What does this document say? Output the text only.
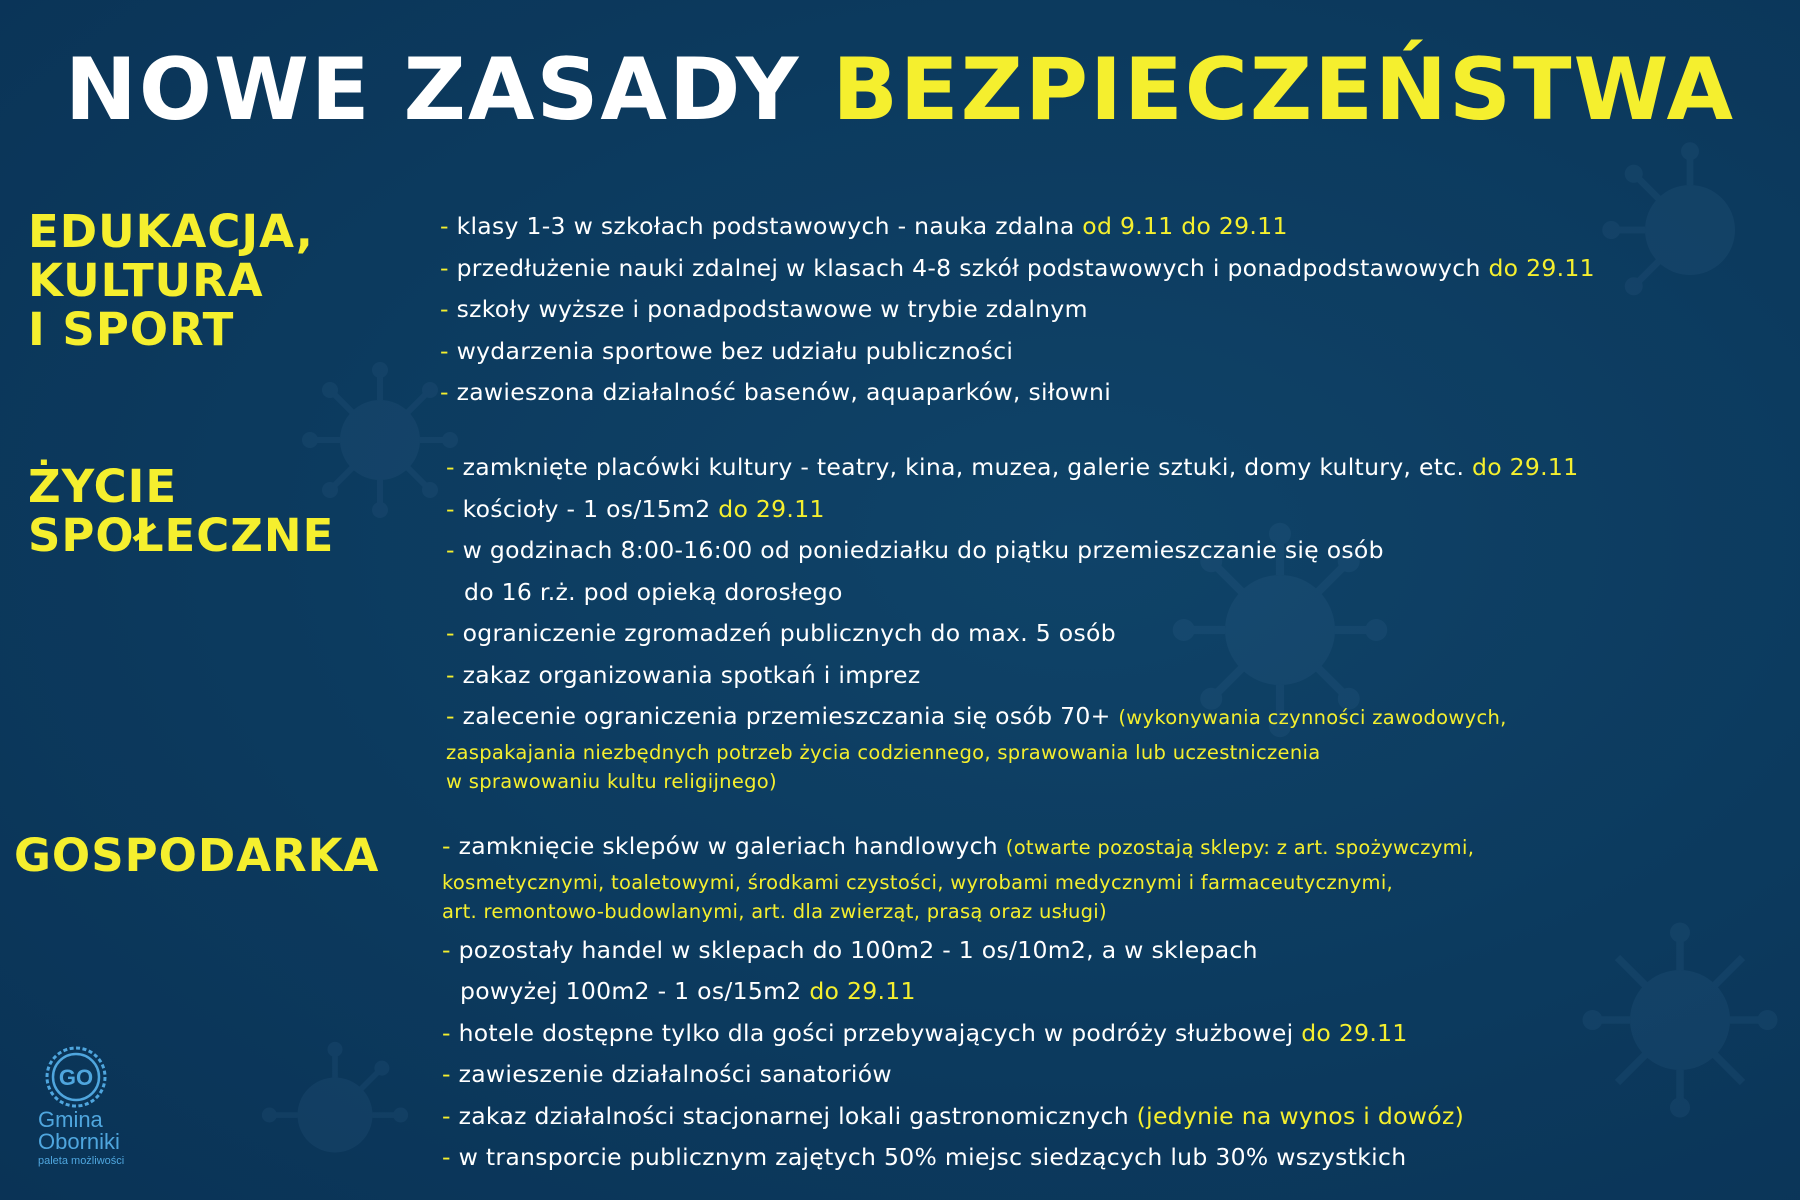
NOWE ZASADY BEZPIECZEŃSTWA
EDUKACJA,
KULTURA
I SPORT
- klasy 1-3 w szkołach podstawowych - nauka zdalna od 9.11 do 29.11
- przedłużenie nauki zdalnej w klasach 4-8 szkół podstawowych i ponadpodstawowych do 29.11
- szkoły wyższe i ponadpodstawowe w trybie zdalnym
- wydarzenia sportowe bez udziału publiczności
- zawieszona działalność basenów, aquaparków, siłowni
ŻYCIE
SPOŁECZNE
- zamknięte placówki kultury - teatry, kina, muzea, galerie sztuki, domy kultury, etc. do 29.11
- kościoły - 1 os/15m2 do 29.11
- w godzinach 8:00-16:00 od poniedziałku do piątku przemieszczanie się osób
do 16 r.ż. pod opieką dorosłego
- ograniczenie zgromadzeń publicznych do max. 5 osób
- zakaz organizowania spotkań i imprez
- zalecenie ograniczenia przemieszczania się osób 70+ (wykonywania czynności zawodowych,
zaspakajania niezbędnych potrzeb życia codziennego, sprawowania lub uczestniczenia
w sprawowaniu kultu religijnego)
GOSPODARKA	- zamknięcie sklepów w galeriach handlowych (otwarte pozostają sklepy: z art. spożywczymi,
kosmetycznymi, toaletowymi, środkami czystości, wyrobami medycznymi i farmaceutycznymi,
art. remontowo-budowlanymi, art. dla zwierząt, prasą oraz usługi)
- pozostały handel w sklepach do 100m2 - 1 os/10m2, a w sklepach
powyżej 100m2 - 1 os/15m2 do 29.11
- hotele dostępne tylko dla gości przebywających w podróży służbowej do 29.11
- zawieszenie działalności sanatoriów
- zakaz działalności stacjonarnej lokali gastronomicznych (jedynie na wynos i dowóz)
- w transporcie publicznym zajętych 50% miejsc siedzących lub 30% wszystkich
GO
Gmina
Oborniki
paleta możliwości
